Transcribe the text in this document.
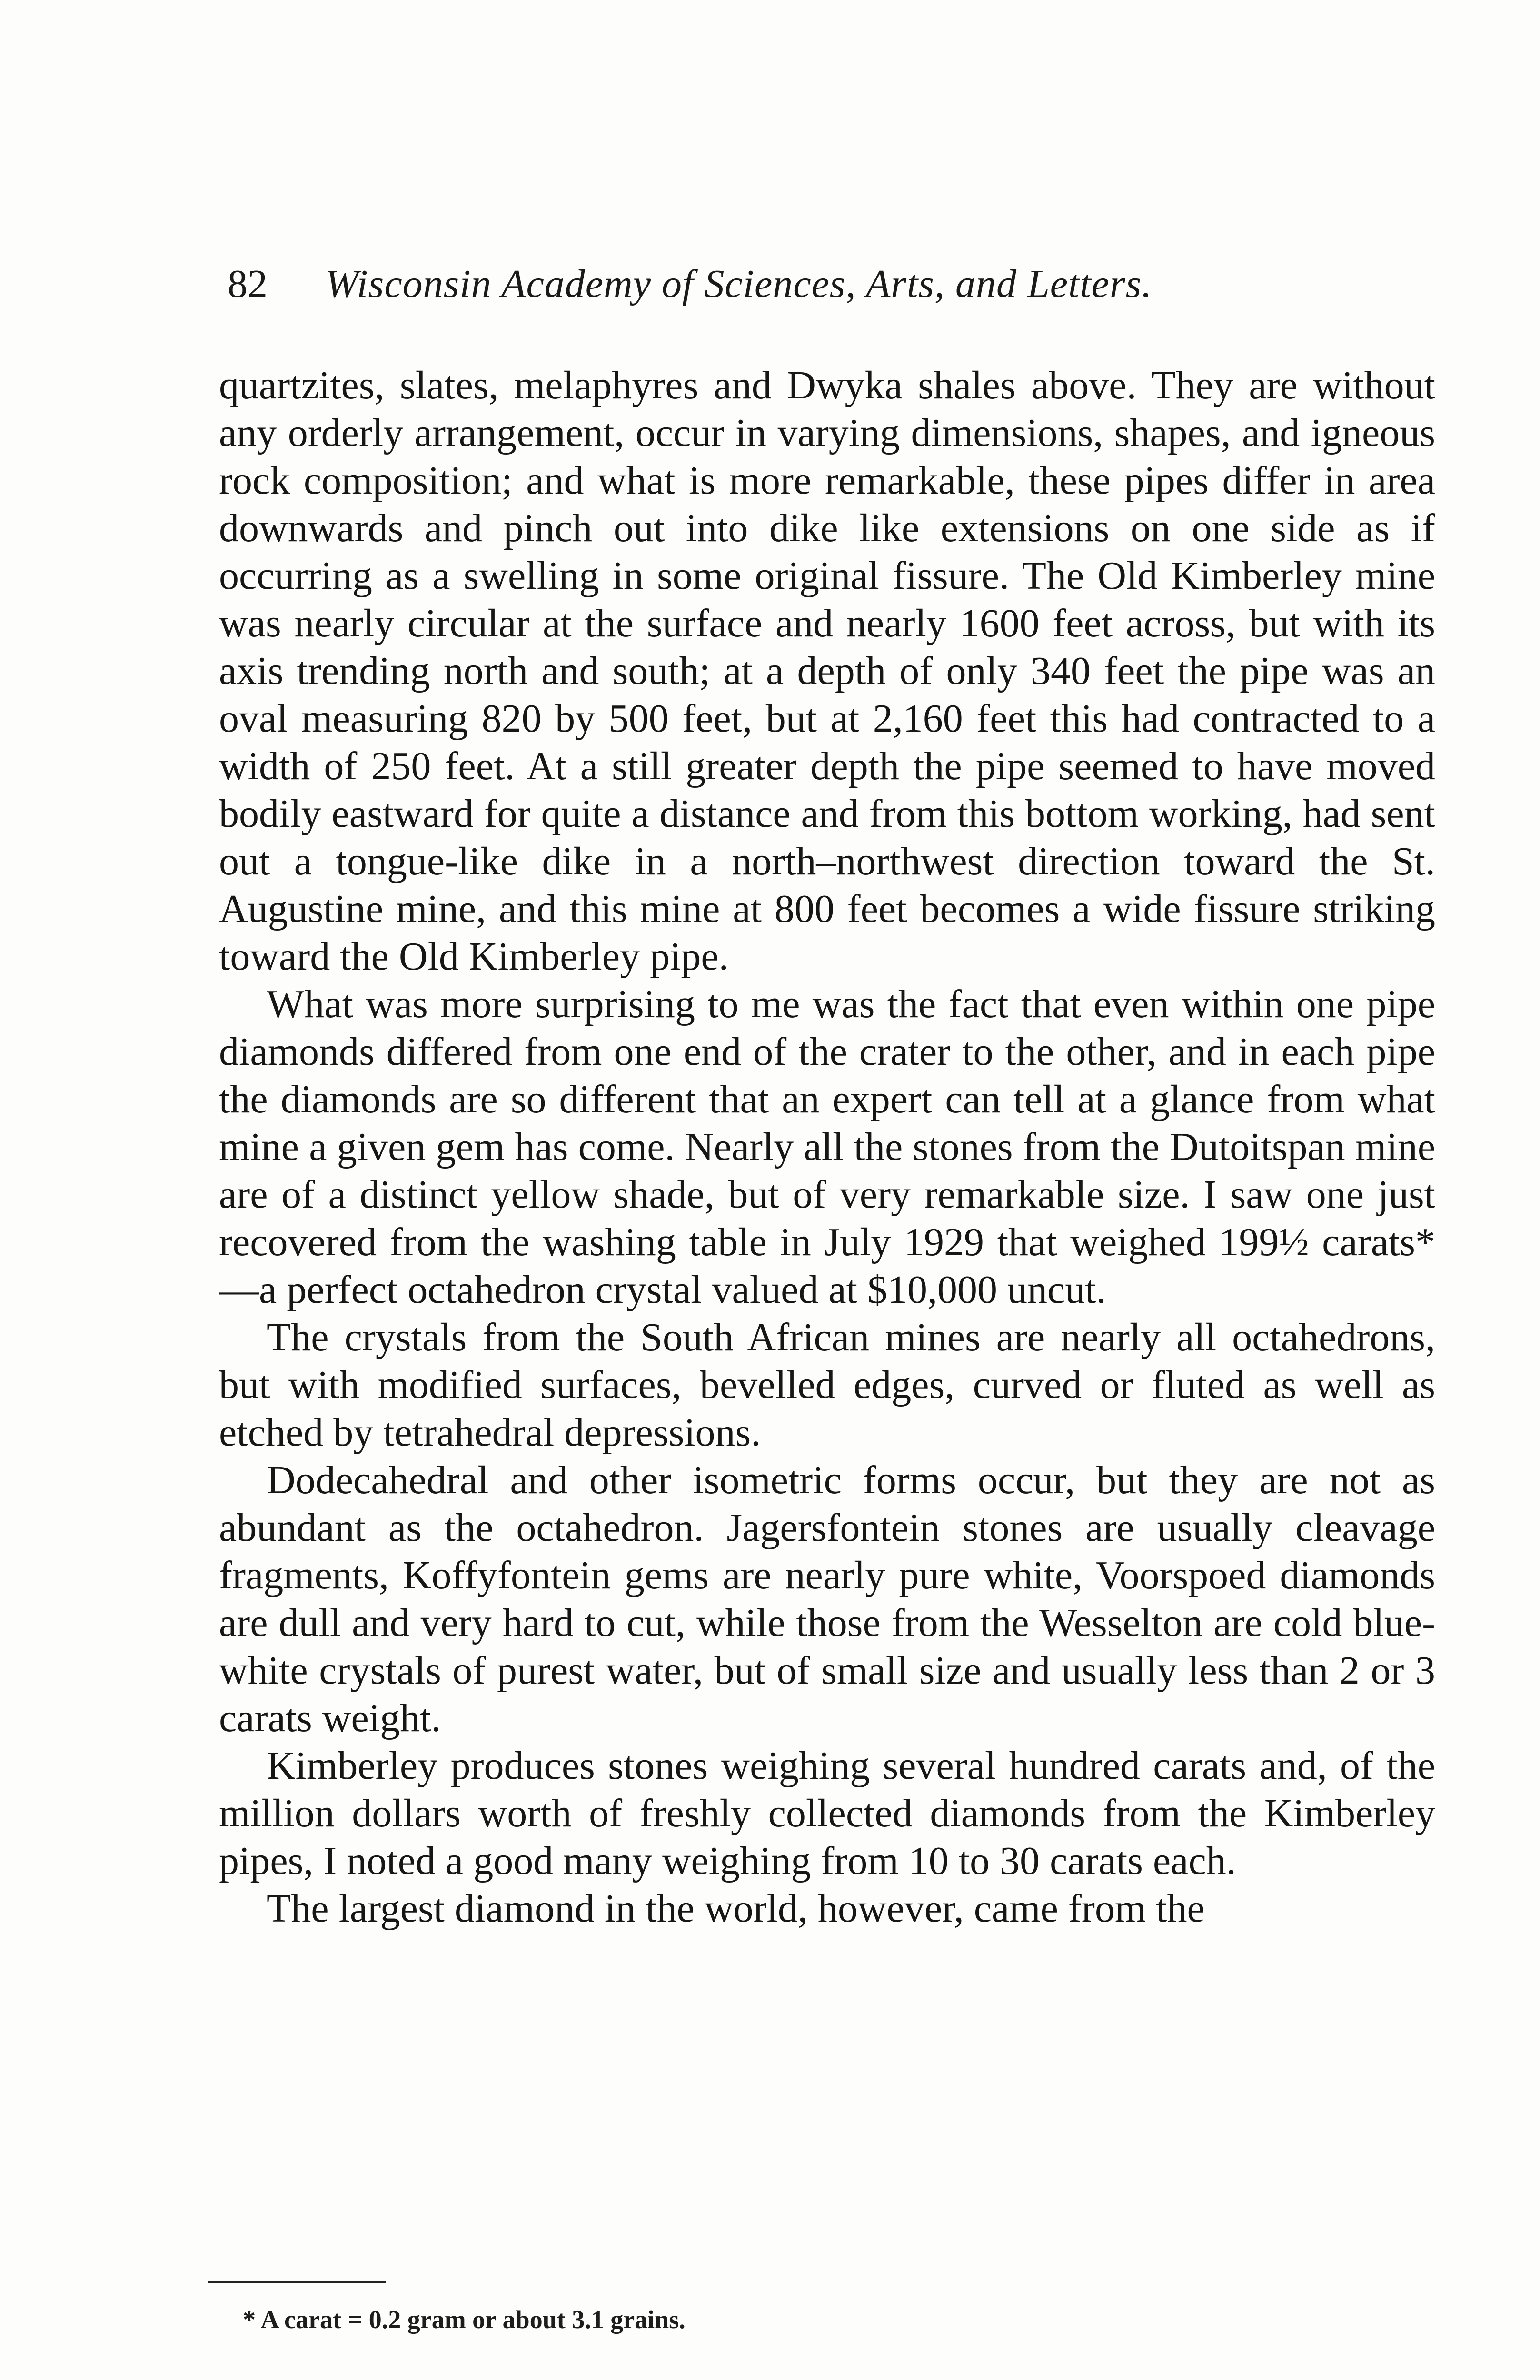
82 Wisconsin Academy of Sciences, Arts, and Letters.

quartzites, slates, melaphyres and Dwyka shales above. They are without any orderly arrangement, occur in varying dimensions, shapes, and igneous rock composition; and what is more remarkable, these pipes differ in area downwards and pinch out into dike like extensions on one side as if occurring as a swelling in some original fissure. The Old Kimberley mine was nearly circular at the surface and nearly 1600 feet across, but with its axis trending north and south; at a depth of only 340 feet the pipe was an oval measuring 820 by 500 feet, but at 2,160 feet this had contracted to a width of 250 feet. At a still greater depth the pipe seemed to have moved bodily eastward for quite a distance and from this bottom working, had sent out a tongue-like dike in a north–northwest direction toward the St. Augustine mine, and this mine at 800 feet becomes a wide fissure striking toward the Old Kimberley pipe.

What was more surprising to me was the fact that even within one pipe diamonds differed from one end of the crater to the other, and in each pipe the diamonds are so different that an expert can tell at a glance from what mine a given gem has come. Nearly all the stones from the Dutoitspan mine are of a distinct yellow shade, but of very remarkable size. I saw one just recovered from the washing table in July 1929 that weighed 199½ carats*—a perfect octahedron crystal valued at $10,000 uncut.

The crystals from the South African mines are nearly all octahedrons, but with modified surfaces, bevelled edges, curved or fluted as well as etched by tetrahedral depressions.

Dodecahedral and other isometric forms occur, but they are not as abundant as the octahedron. Jagersfontein stones are usually cleavage fragments, Koffyfontein gems are nearly pure white, Voorspoed diamonds are dull and very hard to cut, while those from the Wesselton are cold blue-white crystals of purest water, but of small size and usually less than 2 or 3 carats weight.

Kimberley produces stones weighing several hundred carats and, of the million dollars worth of freshly collected diamonds from the Kimberley pipes, I noted a good many weighing from 10 to 30 carats each.

The largest diamond in the world, however, came from the

* A carat = 0.2 gram or about 3.1 grains.
